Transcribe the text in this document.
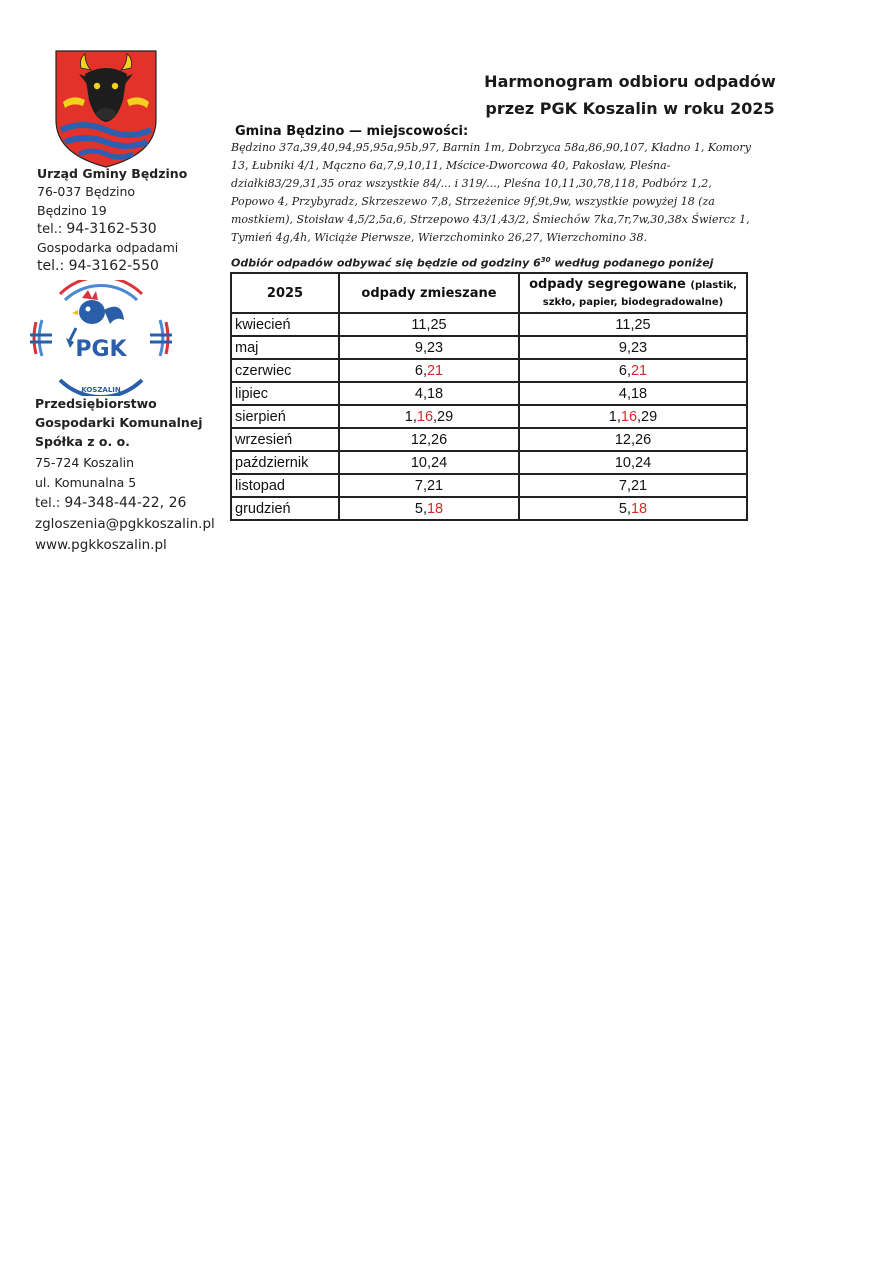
Urząd Gminy Będzino
76-037 Będzino
Będzino 19
tel.: 94-3162-530
Gospodarka odpadami
tel.: 94-3162-550
PGK
KOSZALIN
Przedsiębiorstwo
Gospodarki Komunalnej
Spółka z o. o.
75-724 Koszalin
ul. Komunalna 5
tel.: 94-348-44-22, 26
zgloszenia@pgkkoszalin.pl
www.pgkkoszalin.pl
Harmonogram odbioru odpadów
przez PGK Koszalin w roku 2025
Gmina Będzino — miejscowości:
Będzino 37a,39,40,94,95,95a,95b,97, Barnin 1m, Dobrzyca 58a,86,90,107, Kładno 1, Komory 13, Łubniki 4/1, Mączno 6a,7,9,10,11, Mścice-Dworcowa 40, Pakosław, Pleśna-działki83/29,31,35 oraz wszystkie 84/... i 319/..., Pleśna 10,11,30,78,118, Podbórz 1,2, Popowo 4, Przybyradz, Skrzeszewo 7,8, Strzeżenice 9f,9t,9w, wszystkie powyżej 18 (za mostkiem), Stoisław 4,5/2,5a,6, Strzepowo 43/1,43/2, Śmiechów 7ka,7r,7w,30,38x Świercz 1, Tymień 4g,4h, Wiciąże Pierwsze, Wierzchominko 26,27, Wierzchomino 38.
Odbiór odpadów odbywać się będzie od godziny $6^{30}$ według podanego poniżej
2025	odpady zmieszane	odpady segregowane (plastik,
szkło, papier, biodegradowalne)

kwiecień	11,25	11,25
maj	9,23	9,23
czerwiec	6,21	6,21
lipiec	4,18	4,18
sierpień	1,16,29	1,16,29
wrzesień	12,26	12,26
październik	10,24	10,24
listopad	7,21	7,21
grudzień	5,18	5,18
